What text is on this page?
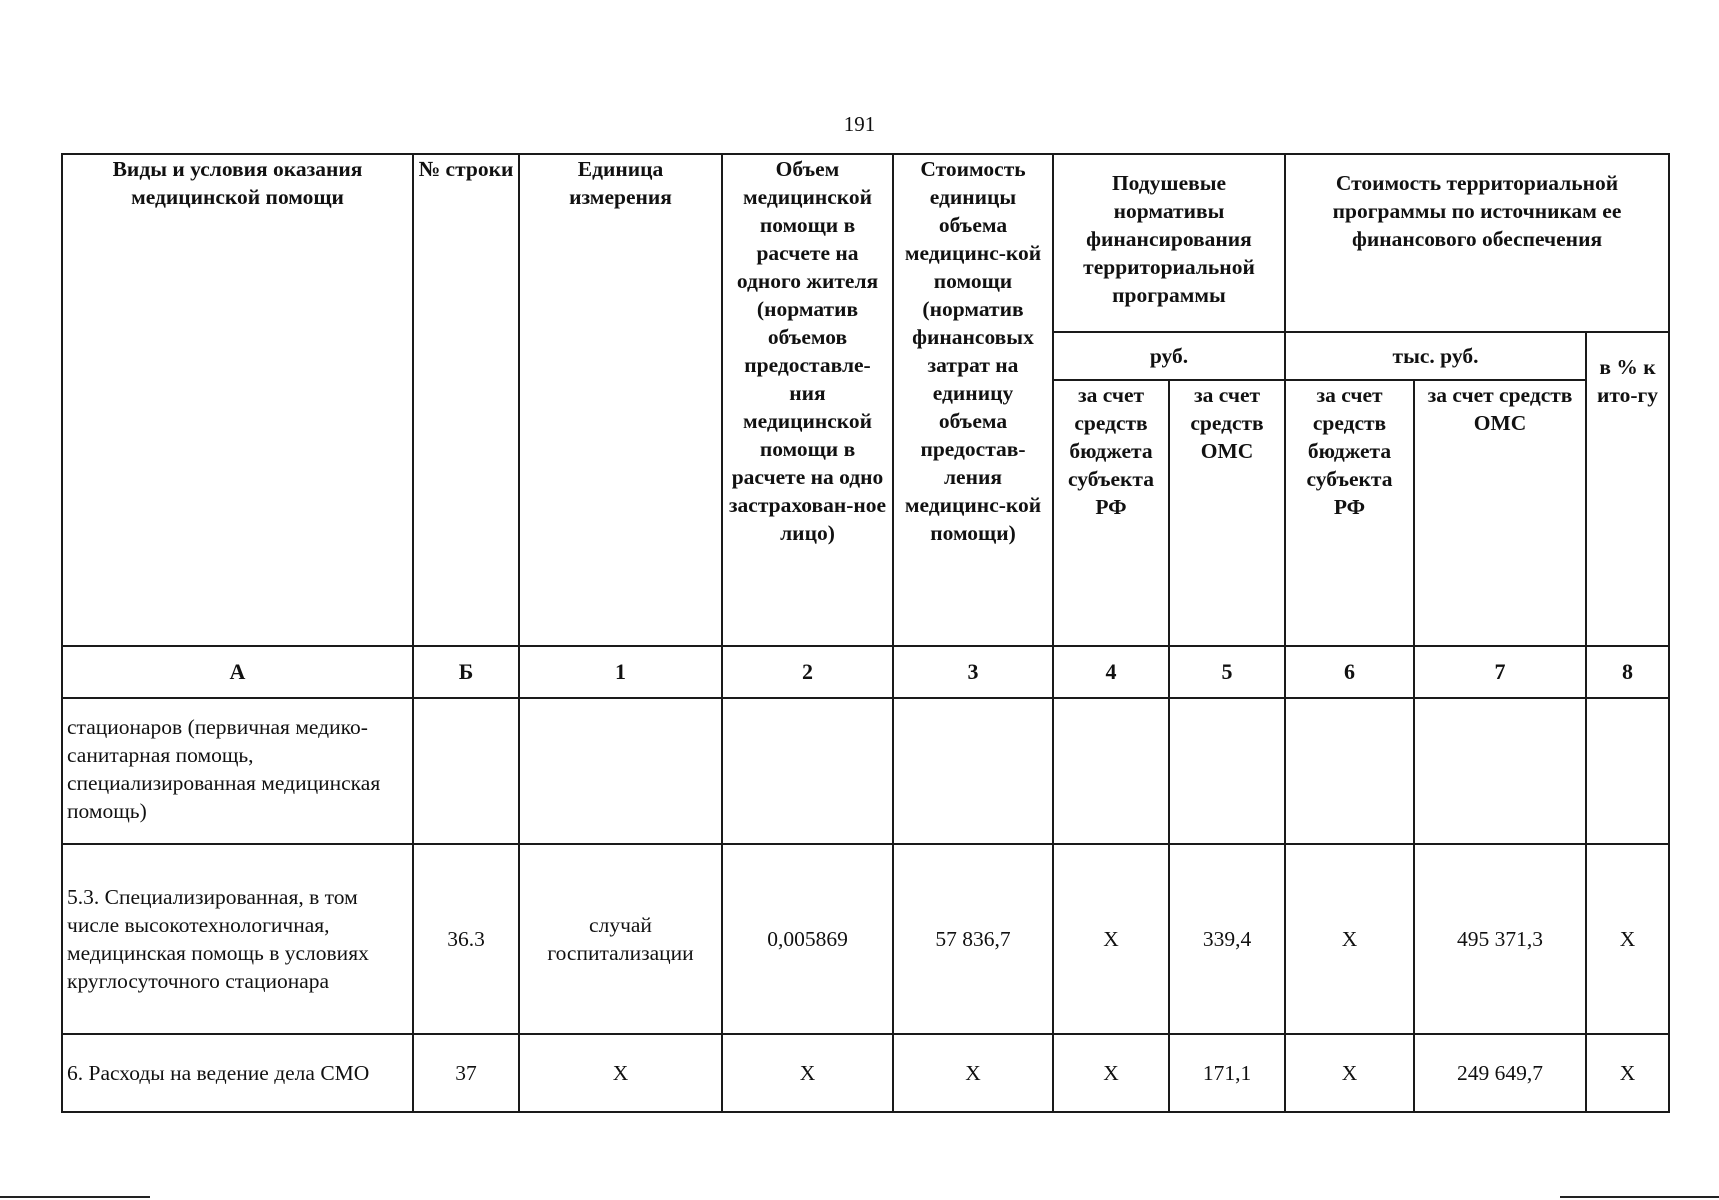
191
Виды и условия оказания медицинской помощи	№ строки	Единица измерения	Объем медицинской помощи в расчете на одного жителя (норматив объемов предоставле-ния медицинской помощи в расчете на одно застрахован-ное лицо)	Стоимость единицы объема медицинс-кой помощи (норматив финансовых затрат на единицу объема предостав-ления медицинс-кой помощи)	Подушевые нормативы финансирования территориальной программы		Стоимость территориальной программы по источникам ее финансового обеспечения		
					руб.		тыс. руб.		в % к ито-гу
					за счет средств бюджета субъекта РФ	за счет средств ОМС	за счет средств бюджета субъекта РФ	за счет средств ОМС	
А	Б	1	2	3	4	5	6	7	8
стационаров (первичная медико-санитарная помощь, специализированная медицинская помощь)									
5.3. Специализированная, в том числе высокотехнологичная, медицинская помощь в условиях круглосуточного стационара	36.3	случай госпитализации	0,005869	57 836,7	X	339,4	X	495 371,3	X
6. Расходы на ведение дела СМО	37	X	X	X	X	171,1	X	249 649,7	X
